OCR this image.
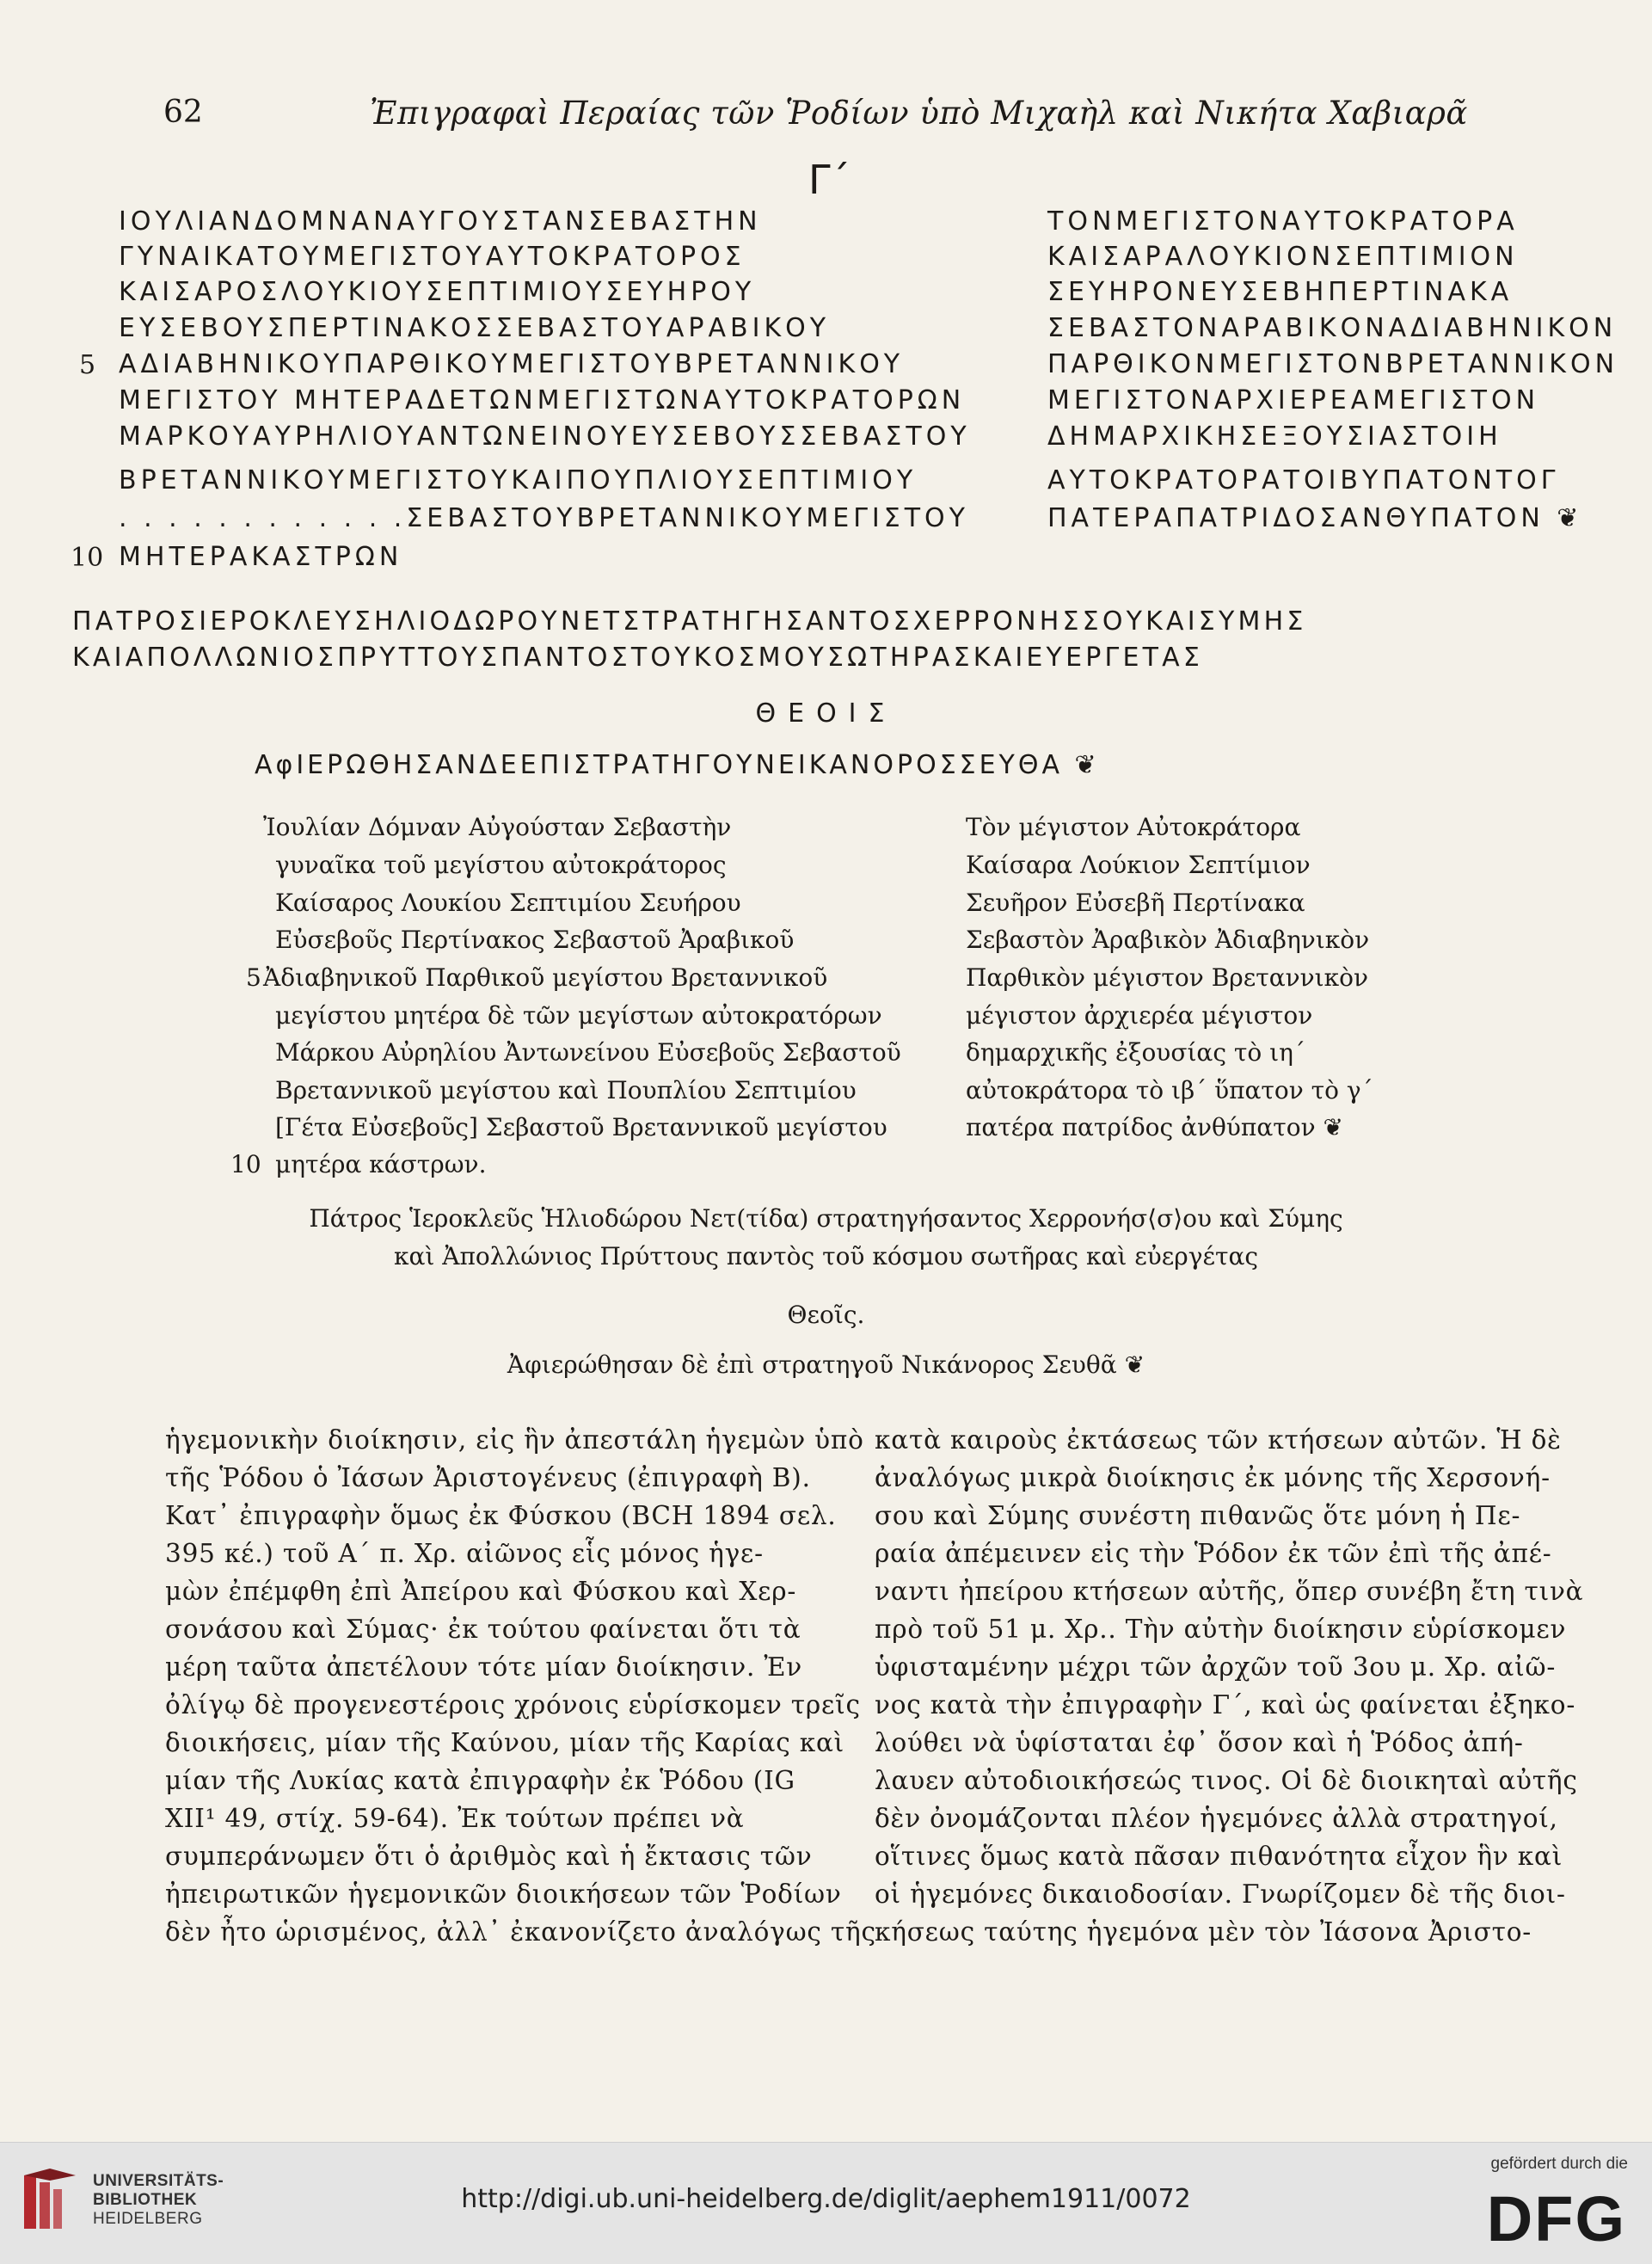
62	Ἐπιγραφαὶ Περαίας τῶν Ῥοδίων ὑπὸ Μιχαὴλ καὶ Νικήτα Χαβιαρᾶ
Γ΄
5
10
ΙΟΥΛΙΑΝΔΟΜΝΑΝΑΥΓΟΥΣΤΑΝΣΕΒΑΣΤΗΝ
ΓΥΝΑΙΚΑΤΟΥΜΕΓΙΣΤΟΥΑΥΤΟΚΡΑΤΟΡΟΣ
ΚΑΙΣΑΡΟΣΛΟΥΚΙΟΥΣΕΠΤΙΜΙΟΥΣΕΥΗΡΟΥ
ΕΥΣΕΒΟΥΣΠΕΡΤΙΝΑΚΟΣΣΕΒΑΣΤΟΥΑΡΑΒΙΚΟΥ
ΑΔΙΑΒΗΝΙΚΟΥΠΑΡΘΙΚΟΥΜΕΓΙΣΤΟΥΒΡΕΤΑΝΝΙΚΟΥ
ΜΕΓΙΣΤΟΥ ΜΗΤΕΡΑΔΕΤΩΝΜΕΓΙΣΤΩΝΑΥΤΟΚΡΑΤΟΡΩΝ
ΜΑΡΚΟΥΑΥΡΗΛΙΟΥΑΝΤΩΝΕΙΝΟΥΕΥΣΕΒΟΥΣΣΕΒΑΣΤΟΥ
ΒΡΕΤΑΝΝΙΚΟΥΜΕΓΙΣΤΟΥΚΑΙΠΟΥΠΛΙΟΥΣΕΠΤΙΜΙΟΥ
. . . . . . . . . . . .ΣΕΒΑΣΤΟΥΒΡΕΤΑΝΝΙΚΟΥΜΕΓΙΣΤΟΥ
ΜΗΤΕΡΑΚΑΣΤΡΩΝ
ΤΟΝΜΕΓΙΣΤΟΝΑΥΤΟΚΡΑΤΟΡΑ
ΚΑΙΣΑΡΑΛΟΥΚΙΟΝΣΕΠΤΙΜΙΟΝ
ΣΕΥΗΡΟΝΕΥΣΕΒΗΠΕΡΤΙΝΑΚΑ
ΣΕΒΑΣΤΟΝΑΡΑΒΙΚΟΝΑΔΙΑΒΗΝΙΚΟΝ
ΠΑΡΘΙΚΟΝΜΕΓΙΣΤΟΝΒΡΕΤΑΝΝΙΚΟΝ
ΜΕΓΙΣΤΟΝΑΡΧΙΕΡΕΑΜΕΓΙΣΤΟΝ
ΔΗΜΑΡΧΙΚΗΣΕΞΟΥΣΙΑΣΤΟΙΗ
ΑΥΤΟΚΡΑΤΟΡΑΤΟΙΒΥΠΑΤΟΝΤΟΓ
ΠΑΤΕΡΑΠΑΤΡΙΔΟΣΑΝΘΥΠΑΤΟΝ ❦
ΠΑΤΡΟΣΙΕΡΟΚΛΕΥΣΗΛΙΟΔΩΡΟΥΝΕΤΣΤΡΑΤΗΓΗΣΑΝΤΟΣΧΕΡΡΟΝΗΣΣΟΥΚΑΙΣΥΜΗΣ
ΚΑΙΑΠΟΛΛΩΝΙΟΣΠΡΥΤΤΟΥΣΠΑΝΤΟΣΤΟΥΚΟΣΜΟΥΣΩΤΗΡΑΣΚΑΙΕΥΕΡΓΕΤΑΣ
ΘΕΟΙΣ
ΑφΙΕΡΩΘΗΣΑΝΔΕΕΠΙΣΤΡΑΤΗΓΟΥΝΕΙΚΑΝΟΡΟΣΣΕΥΘΑ ❦
5
10
Ἰουλίαν Δόμναν Αὐγούσταν Σεβαστὴν
γυναῖκα τοῦ μεγίστου αὐτοκράτορος
Καίσαρος Λουκίου Σεπτιμίου Σευήρου
Εὐσεβοῦς Περτίνακος Σεβαστοῦ Ἀραβικοῦ
Ἀδιαβηνικοῦ Παρθικοῦ μεγίστου Βρεταννικοῦ
μεγίστου μητέρα δὲ τῶν μεγίστων αὐτοκρατόρων
Μάρκου Αὐρηλίου Ἀντωνείνου Εὐσεβοῦς Σεβαστοῦ
Βρεταννικοῦ μεγίστου καὶ Πουπλίου Σεπτιμίου
[Γέτα Εὐσεβοῦς] Σεβαστοῦ Βρεταννικοῦ μεγίστου
μητέρα κάστρων.
Τὸν μέγιστον Αὐτοκράτορα
Καίσαρα Λούκιον Σεπτίμιον
Σευῆρον Εὐσεβῆ Περτίνακα
Σεβαστὸν Ἀραβικὸν Ἀδιαβηνικὸν
Παρθικὸν μέγιστον Βρεταννικὸν
μέγιστον ἀρχιερέα μέγιστον
δημαρχικῆς ἐξουσίας τὸ ιη΄
αὐτοκράτορα τὸ ιβ΄ ὕπατον τὸ γ΄
πατέρα πατρίδος ἀνθύπατον ❦
Πάτρος Ἱεροκλεῦς Ἡλιοδώρου Νετ(τίδα) στρατηγήσαντος Χερρονήσ⟨σ⟩ου καὶ Σύμης
καὶ Ἀπολλώνιος Πρύττους παντὸς τοῦ κόσμου σωτῆρας καὶ εὐεργέτας
Θεοῖς.
Ἀφιερώθησαν δὲ ἐπὶ στρατηγοῦ Νικάνορος Σευθᾶ ❦
ἡγεμονικὴν διοίκησιν, εἰς ἣν ἀπεστάλη ἡγεμὼν ὑπὸ
τῆς Ῥόδου ὁ Ἰάσων Ἀριστογένευς (ἐπιγραφὴ Β).
Κατ᾽ ἐπιγραφὴν ὅμως ἐκ Φύσκου (BCH 1894 σελ.
395 κέ.) τοῦ Α΄ π. Χρ. αἰῶνος εἷς μόνος ἡγε-
μὼν ἐπέμφθη ἐπὶ Ἀπείρου καὶ Φύσκου καὶ Χερ-
σονάσου καὶ Σύμας· ἐκ τούτου φαίνεται ὅτι τὰ
μέρη ταῦτα ἀπετέλουν τότε μίαν διοίκησιν. Ἐν
ὀλίγῳ δὲ προγενεστέροις χρόνοις εὑρίσκομεν τρεῖς
διοικήσεις, μίαν τῆς Καύνου, μίαν τῆς Καρίας καὶ
μίαν τῆς Λυκίας κατὰ ἐπιγραφὴν ἐκ Ῥόδου (IG
XII¹ 49, στίχ. 59-64). Ἐκ τούτων πρέπει νὰ
συμπεράνωμεν ὅτι ὁ ἀριθμὸς καὶ ἡ ἔκτασις τῶν
ἠπειρωτικῶν ἡγεμονικῶν διοικήσεων τῶν Ῥοδίων
δὲν ἦτο ὡρισμένος, ἀλλ᾽ ἐκανονίζετο ἀναλόγως τῆς
κατὰ καιροὺς ἐκτάσεως τῶν κτήσεων αὐτῶν. Ἡ δὲ
ἀναλόγως μικρὰ διοίκησις ἐκ μόνης τῆς Χερσονή-
σου καὶ Σύμης συνέστη πιθανῶς ὅτε μόνη ἡ Πε-
ραία ἀπέμεινεν εἰς τὴν Ῥόδον ἐκ τῶν ἐπὶ τῆς ἀπέ-
ναντι ἠπείρου κτήσεων αὐτῆς, ὅπερ συνέβη ἔτη τινὰ
πρὸ τοῦ 51 μ. Χρ.. Τὴν αὐτὴν διοίκησιν εὑρίσκομεν
ὑφισταμένην μέχρι τῶν ἀρχῶν τοῦ 3ου μ. Χρ. αἰῶ-
νος κατὰ τὴν ἐπιγραφὴν Γ΄, καὶ ὡς φαίνεται ἐξηκο-
λούθει νὰ ὑφίσταται ἐφ᾽ ὅσον καὶ ἡ Ῥόδος ἀπή-
λαυεν αὐτοδιοικήσεώς τινος. Οἱ δὲ διοικηταὶ αὐτῆς
δὲν ὀνομάζονται πλέον ἡγεμόνες ἀλλὰ στρατηγοί,
οἵτινες ὅμως κατὰ πᾶσαν πιθανότητα εἶχον ἣν καὶ
οἱ ἡγεμόνες δικαιοδοσίαν. Γνωρίζομεν δὲ τῆς διοι-
κήσεως ταύτης ἡγεμόνα μὲν τὸν Ἰάσονα Ἀριστο-
UNIVERSITÄTS-
BIBLIOTHEK
HEIDELBERG
http://digi.ub.uni-heidelberg.de/diglit/aephem1911/0072
gefördert durch die
DFG
